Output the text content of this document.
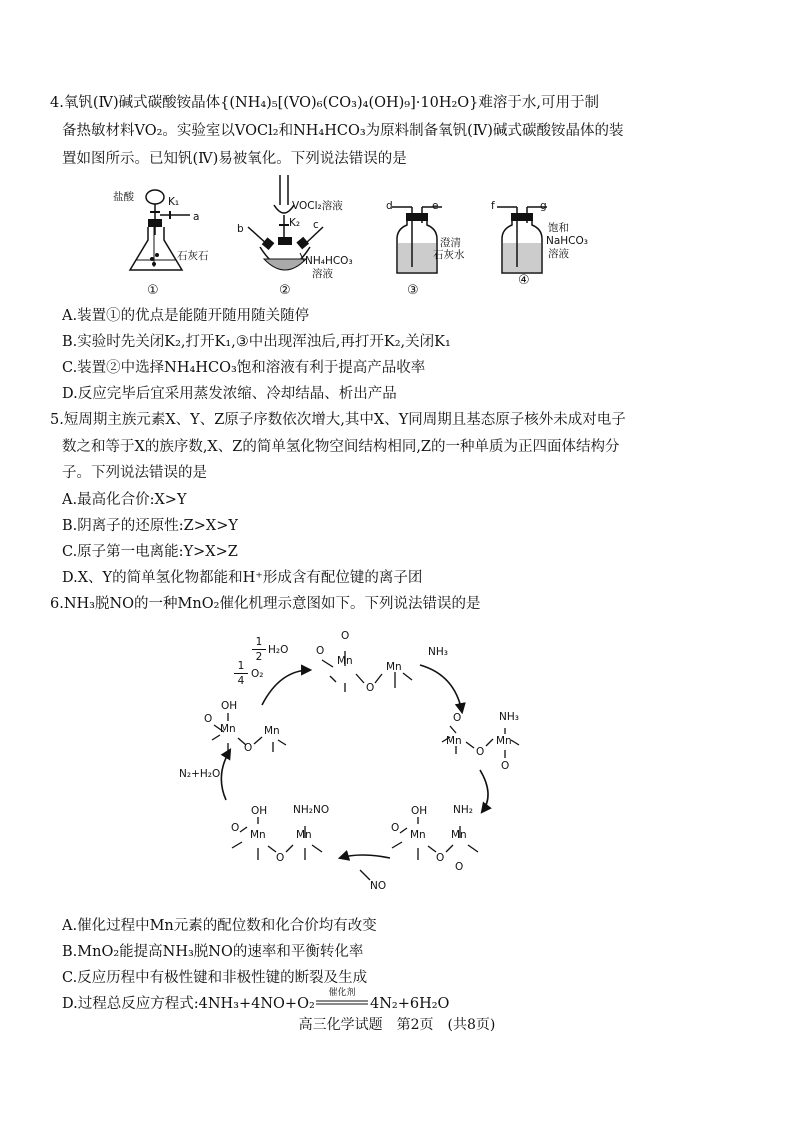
4.氧钒(Ⅳ)碱式碳酸铵晶体{(NH₄)₅[(VO)₆(CO₃)₄(OH)₉]·10H₂O}难溶于水,可用于制
备热敏材料VO₂。实验室以VOCl₂和NH₄HCO₃为原料制备氧钒(Ⅳ)碱式碳酸铵晶体的装
置如图所示。已知钒(Ⅳ)易被氧化。下列说法错误的是
盐酸	K₁
a
石灰石
①
VOCl₂溶液
K₂
b	c
NH₄HCO₃
溶液
②
d	e
澄清
石灰水
③
f	g
饱和
NaHCO₃
溶液
④
A.装置①的优点是能随开随用随关随停
B.实验时先关闭K₂,打开K₁,③中出现浑浊后,再打开K₂,关闭K₁
C.装置②中选择NH₄HCO₃饱和溶液有利于提高产品收率
D.反应完毕后宜采用蒸发浓缩、冷却结晶、析出产品
5.短周期主族元素X、Y、Z原子序数依次增大,其中X、Y同周期且基态原子核外未成对电子
数之和等于X的族序数,X、Z的简单氢化物空间结构相同,Z的一种单质为正四面体结构分
子。下列说法错误的是
A.最高化合价:X>Y
B.阴离子的还原性:Z>X>Y
C.原子第一电离能:Y>X>Z
D.X、Y的简单氢化物都能和H⁺形成含有配位键的离子团
6.NH₃脱NO的一种MnO₂催化机理示意图如下。下列说法错误的是
1
2
H₂O
1
4
O₂
NH₃
NO
N₂+H₂O
O
O
Mn
O
Mn
O
Mn
O
Mn
NH₃
O
OH
O
Mn
O
Mn
NH₂
O
OH
O
Mn
O
Mn
NH₂NO
OH
O
Mn
O
Mn
A.催化过程中Mn元素的配位数和化合价均有改变
B.MnO₂能提高NH₃脱NO的速率和平衡转化率
C.反应历程中有极性键和非极性键的断裂及生成
D.过程总反应方程式:4NH₃+4NO+O₂
催化剂
4N₂+6H₂O
高三化学试题　第2页　(共8页)
